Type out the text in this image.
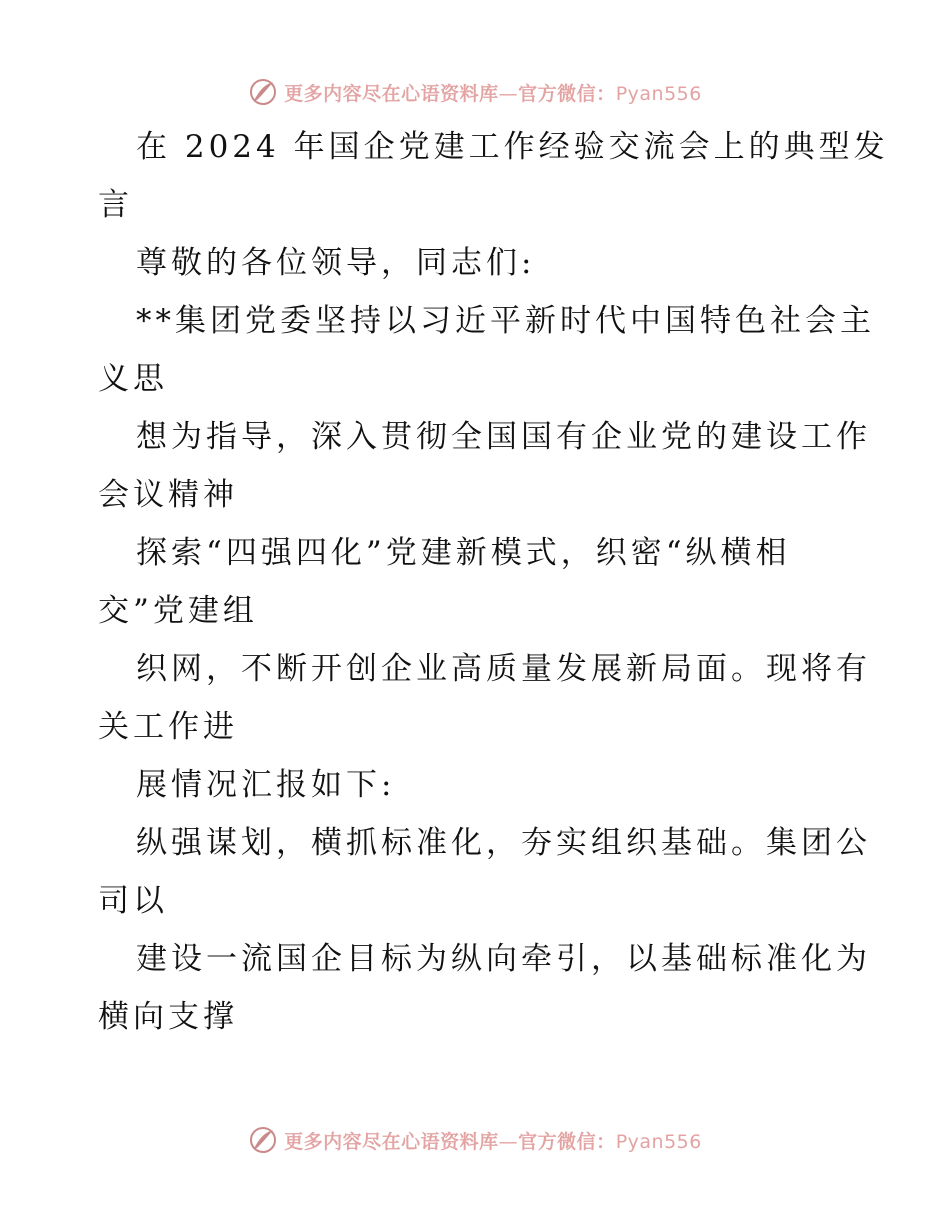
更多内容尽在心语资料库—官方微信：Pyan556
在 2024 年国企党建工作经验交流会上的典型发
言
尊敬的各位领导，同志们:
**集团党委坚持以习近平新时代中国特色社会主
义思
想为指导，深入贯彻全国国有企业党的建设工作
会议精神
探索“四强四化”党建新模式，织密“纵横相
交”党建组
织网，不断开创企业高质量发展新局面。现将有
关工作进
展情况汇报如下:
纵强谋划，横抓标准化，夯实组织基础。集团公
司以
建设一流国企目标为纵向牵引，以基础标准化为
横向支撑
更多内容尽在心语资料库—官方微信：Pyan556
